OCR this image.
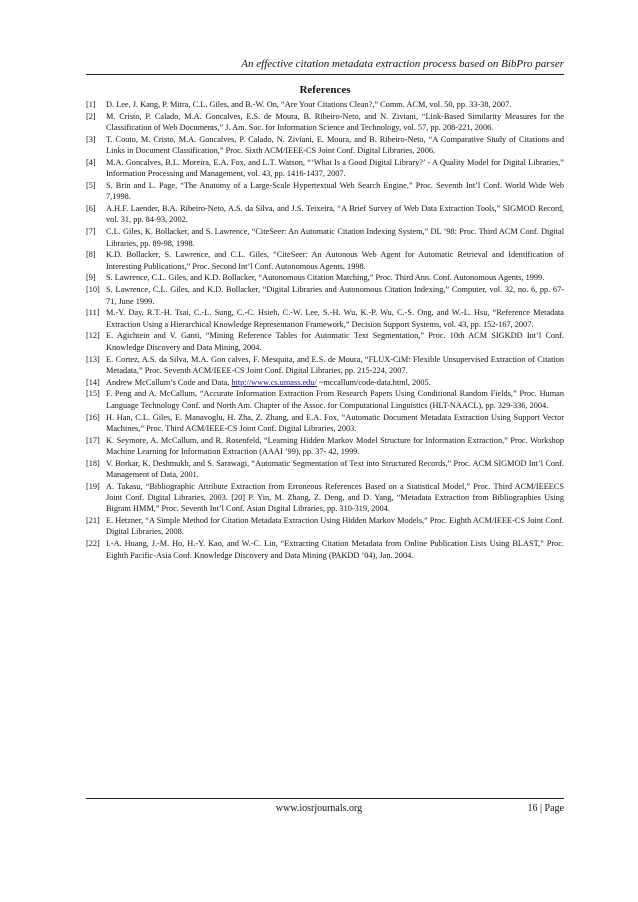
An effective citation metadata extraction process based on BibPro parser
References
[1]	D. Lee, J. Kang, P. Mitra, C.L. Giles, and B.-W. On, “Are Your Citations Clean?,” Comm. ACM, vol. 50, pp. 33-38, 2007.
[2]	M. Cristo, P. Calado, M.A. Goncalves, E.S. de Moura, B. Ribeiro-Neto, and N. Ziviani, “Link-Based Similarity Measures for the Classification of Web Documents,” J. Am. Soc. for Information Science and Technology, vol. 57, pp. 208-221, 2006.
[3]	T. Couto, M. Cristo, M.A. Goncalves, P. Calado, N. Ziviani, E. Moura, and B. Ribeiro-Neto, “A Comparative Study of Citations and Links in Document Classification,” Proc. Sixth ACM/IEEE-CS Joint Conf. Digital Libraries, 2006.
[4]	M.A. Goncalves, B.L. Moreira, E.A. Fox, and L.T. Watson, “‘What Is a Good Digital Library?’ - A Quality Model for Digital Libraries,” Information Processing and Management, vol. 43, pp. 1416-1437, 2007.
[5]	S. Brin and L. Page, “The Anatomy of a Large-Scale Hypertextual Web Search Engine,” Proc. Seventh Int’l Conf. World Wide Web 7,1998.
[6]	A.H.F. Laender, B.A. Ribeiro-Neto, A.S. da Silva, and J.S. Teixeira, “A Brief Survey of Web Data Extraction Tools,” SIGMOD Record, vol. 31, pp. 84-93, 2002.
[7]	C.L. Giles, K. Bollacker, and S. Lawrence, “CiteSeer: An Automatic Citation Indexing System,” DL ’98: Proc. Third ACM Conf. Digital Libraries, pp. 89-98, 1998.
[8]	K.D. Bollacker, S. Lawrence, and C.L. Giles, “CiteSeer: An Autonous Web Agent for Automatic Retrieval and Identification of Interesting Publications,” Proc. Second Int’l Conf. Autonomous Agents, 1998.
[9]	S. Lawrence, C.L. Giles, and K.D. Bollacker, “Autonomous Citation Matching,” Proc. Third Ann. Conf. Autonomous Agents, 1999.
[10] S. Lawrence, C.L. Giles, and K.D. Bollacker, “Digital Libraries and Autonomous Citation Indexing,” Computer, vol. 32, no. 6, pp. 67- 71, June 1999.
[11] M.-Y. Day, R.T.-H. Tsai, C.-L. Sung, C.-C. Hsieh, C.-W. Lee, S.-H. Wu, K.-P. Wu, C.-S. Ong, and W.-L. Hsu, “Reference Metadata Extraction Using a Hierarchical Knowledge Representation Framework,” Decision Support Systems, vol. 43, pp. 152-167, 2007.
[12] E. Agichtein and V. Ganti, “Mining Reference Tables for Automatic Text Segmentation,” Proc. 10th ACM SIGKDD Int’l Conf. Knowledge Discovery and Data Mining, 2004.
[13] E. Cortez, A.S. da Silva, M.A. Gon calves, F. Mesquita, and E.S. de Moura, “FLUX-CiM: Flexible Unsupervised Extraction of Citation Metadata,” Proc. Seventh ACM/IEEE-CS Joint Conf. Digital Libraries, pp. 215-224, 2007.
[14] Andrew McCallum’s Code and Data, http://www.cs.umass.edu/ ~mccallum/code-data.html, 2005.
[15] F. Peng and A. McCallum, “Accurate Information Extraction From Research Papers Using Conditional Random Fields,” Proc. Human Language Technology Conf. and North Am. Chapter of the Assoc. for Computational Linguistics (HLT-NAACL), pp. 329-336, 2004.
[16] H. Han, C.L. Giles, E. Manavoglu, H. Zha, Z. Zhang, and E.A. Fox, “Automatic Document Metadata Extraction Using Support Vector Machines,” Proc. Third ACM/IEEE-CS Joint Conf. Digital Libraries, 2003.
[17] K. Seymore, A. McCallum, and R. Rosenfeld, “Learning Hidden Markov Model Structure for Information Extraction,” Proc. Workshop Machine Learning for Information Extraction (AAAI ’99), pp. 37- 42, 1999.
[18] V. Borkar, K. Deshmukh, and S. Sarawagi, “Automatic Segmentation of Text into Structured Records,” Proc. ACM SIGMOD Int’l Conf. Management of Data, 2001.
[19] A. Takasu, “Bibliographic Attribute Extraction from Erroneous References Based on a Statistical Model,” Proc. Third ACM/IEEECS Joint Conf. Digital Libraries, 2003. [20] P. Yin, M. Zhang, Z. Deng, and D. Yang, “Metadata Extraction from Bibliographies Using Bigram HMM,” Proc. Seventh Int’l Conf. Asian Digital Libraries, pp. 310-319, 2004.
[21] E. Hetzner, “A Simple Method for Citation Metadata Extraction Using Hidden Markov Models,” Proc. Eighth ACM/IEEE-CS Joint Conf. Digital Libraries, 2008.
[22] I.-A. Huang, J.-M. Ho, H.-Y. Kao, and W.-C. Lin, “Extracting Citation Metadata from Online Publication Lists Using BLAST,” Proc. Eighth Pacific-Asia Conf. Knowledge Discovery and Data Mining (PAKDD ’04), Jan. 2004.
www.iosrjournals.org	16 | Page
